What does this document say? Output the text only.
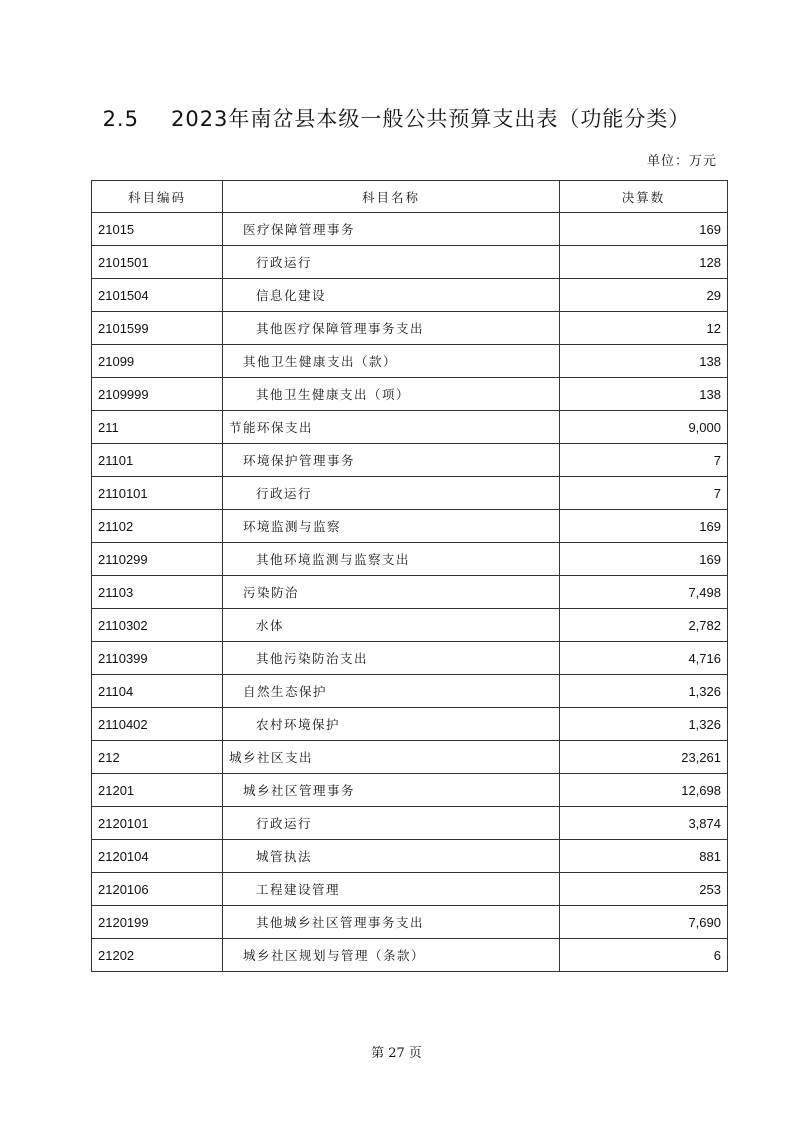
2.5 2023年南岔县本级一般公共预算支出表（功能分类）
单位：万元
科目编码	科目名称	决算数
21015	医疗保障管理事务	169
2101501	行政运行	128
2101504	信息化建设	29
2101599	其他医疗保障管理事务支出	12
21099	其他卫生健康支出（款）	138
2109999	其他卫生健康支出（项）	138
211	节能环保支出	9,000
21101	环境保护管理事务	7
2110101	行政运行	7
21102	环境监测与监察	169
2110299	其他环境监测与监察支出	169
21103	污染防治	7,498
2110302	水体	2,782
2110399	其他污染防治支出	4,716
21104	自然生态保护	1,326
2110402	农村环境保护	1,326
212	城乡社区支出	23,261
21201	城乡社区管理事务	12,698
2120101	行政运行	3,874
2120104	城管执法	881
2120106	工程建设管理	253
2120199	其他城乡社区管理事务支出	7,690
21202	城乡社区规划与管理（条款）	6
第 27 页
